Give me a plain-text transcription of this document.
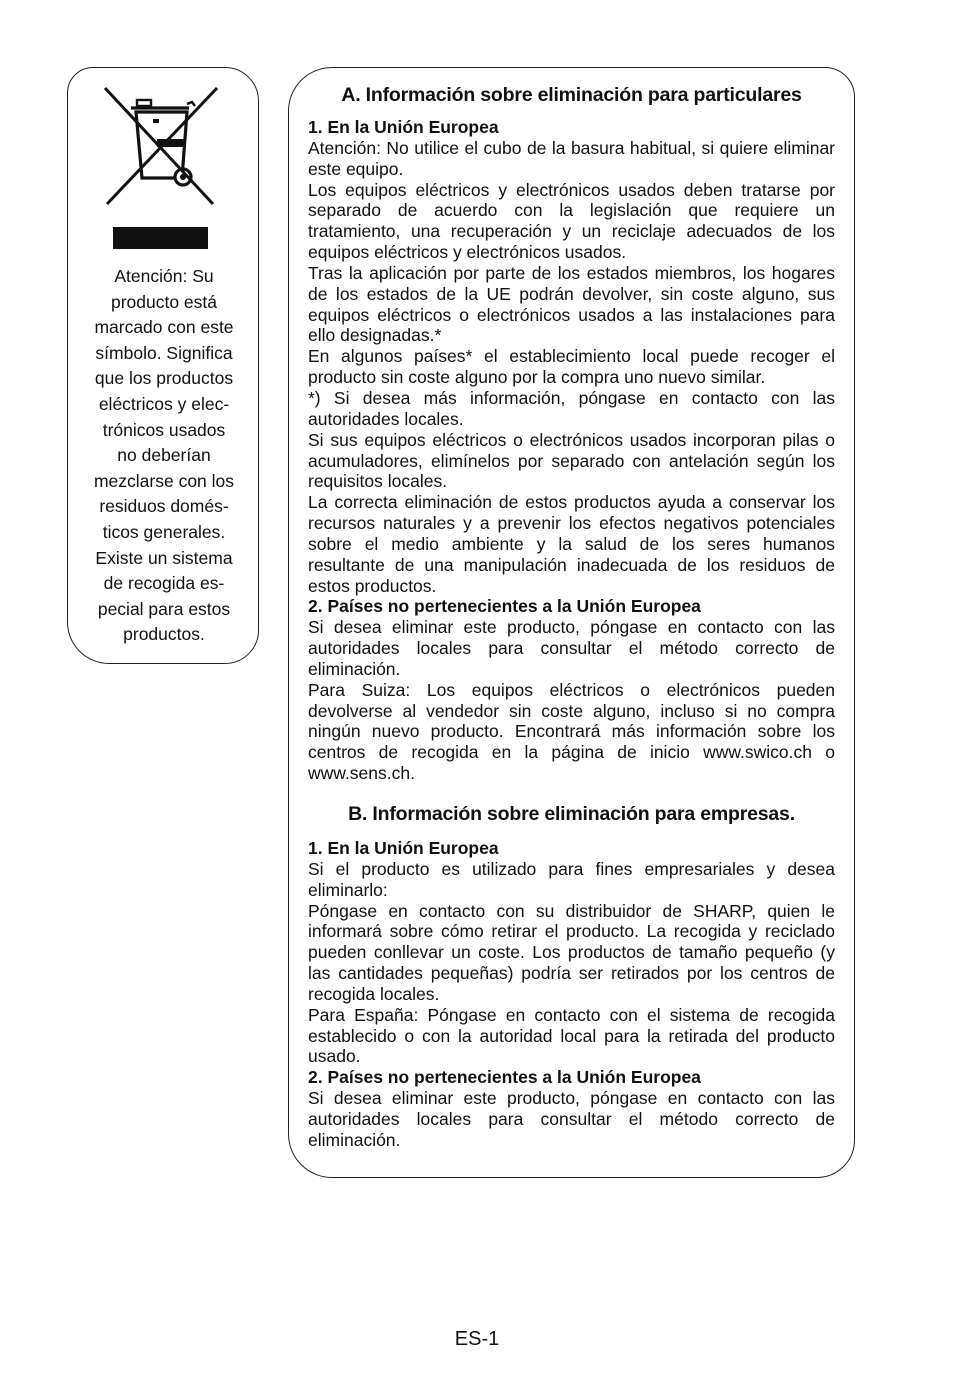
Atención: Su
producto está
marcado con este
símbolo. Significa
que los productos
eléctricos y elec-
trónicos usados
no deberían
mezclarse con los
residuos domés-
ticos generales.
Existe un sistema
de recogida es-
pecial para estos
productos.
A. Información sobre eliminación para particulares
1. En la Unión Europea

Atención: No utilice el cubo de la basura habitual, si quiere eliminar este equipo.

Los equipos eléctricos y electrónicos usados deben tratarse por separado de acuerdo con la legislación que requiere un tratamiento, una recuperación y un reciclaje adecuados de los equipos eléctricos y electrónicos usados.

Tras la aplicación por parte de los estados miembros, los hogares de los estados de la UE podrán devolver, sin coste alguno, sus equipos eléctricos o electrónicos usados a las instalaciones para ello designadas.*

En algunos países* el establecimiento local puede recoger el producto sin coste alguno por la compra uno nuevo similar.

*) Si desea más información, póngase en contacto con las autoridades locales.

Si sus equipos eléctricos o electrónicos usados incorporan pilas o acumuladores, elimínelos por separado con antelación según los requisitos locales.

La correcta eliminación de estos productos ayuda a conservar los recursos naturales y a prevenir los efectos negativos potenciales sobre el medio ambiente y la salud de los seres humanos resultante de una manipulación inadecuada de los residuos de estos productos.

2. Países no pertenecientes a la Unión Europea

Si desea eliminar este producto, póngase en contacto con las autoridades locales para consultar el método correcto de eliminación.

Para Suiza: Los equipos eléctricos o electrónicos pueden devolverse al vendedor sin coste alguno, incluso si no compra ningún nuevo producto. Encontrará más información sobre los centros de recogida en la página de inicio www.swico.ch o www.sens.ch.

B. Información sobre eliminación para empresas.
1. En la Unión Europea

Si el producto es utilizado para fines empresariales y desea eliminarlo:

Póngase en contacto con su distribuidor de SHARP, quien le informará sobre cómo retirar el producto. La recogida y reciclado pueden conllevar un coste. Los productos de tamaño pequeño (y las cantidades pequeñas) podría ser retirados por los centros de recogida locales.

Para España: Póngase en contacto con el sistema de recogida establecido o con la autoridad local para la retirada del producto usado.

2. Países no pertenecientes a la Unión Europea

Si desea eliminar este producto, póngase en contacto con las autoridades locales para consultar el método correcto de eliminación.

ES-1
